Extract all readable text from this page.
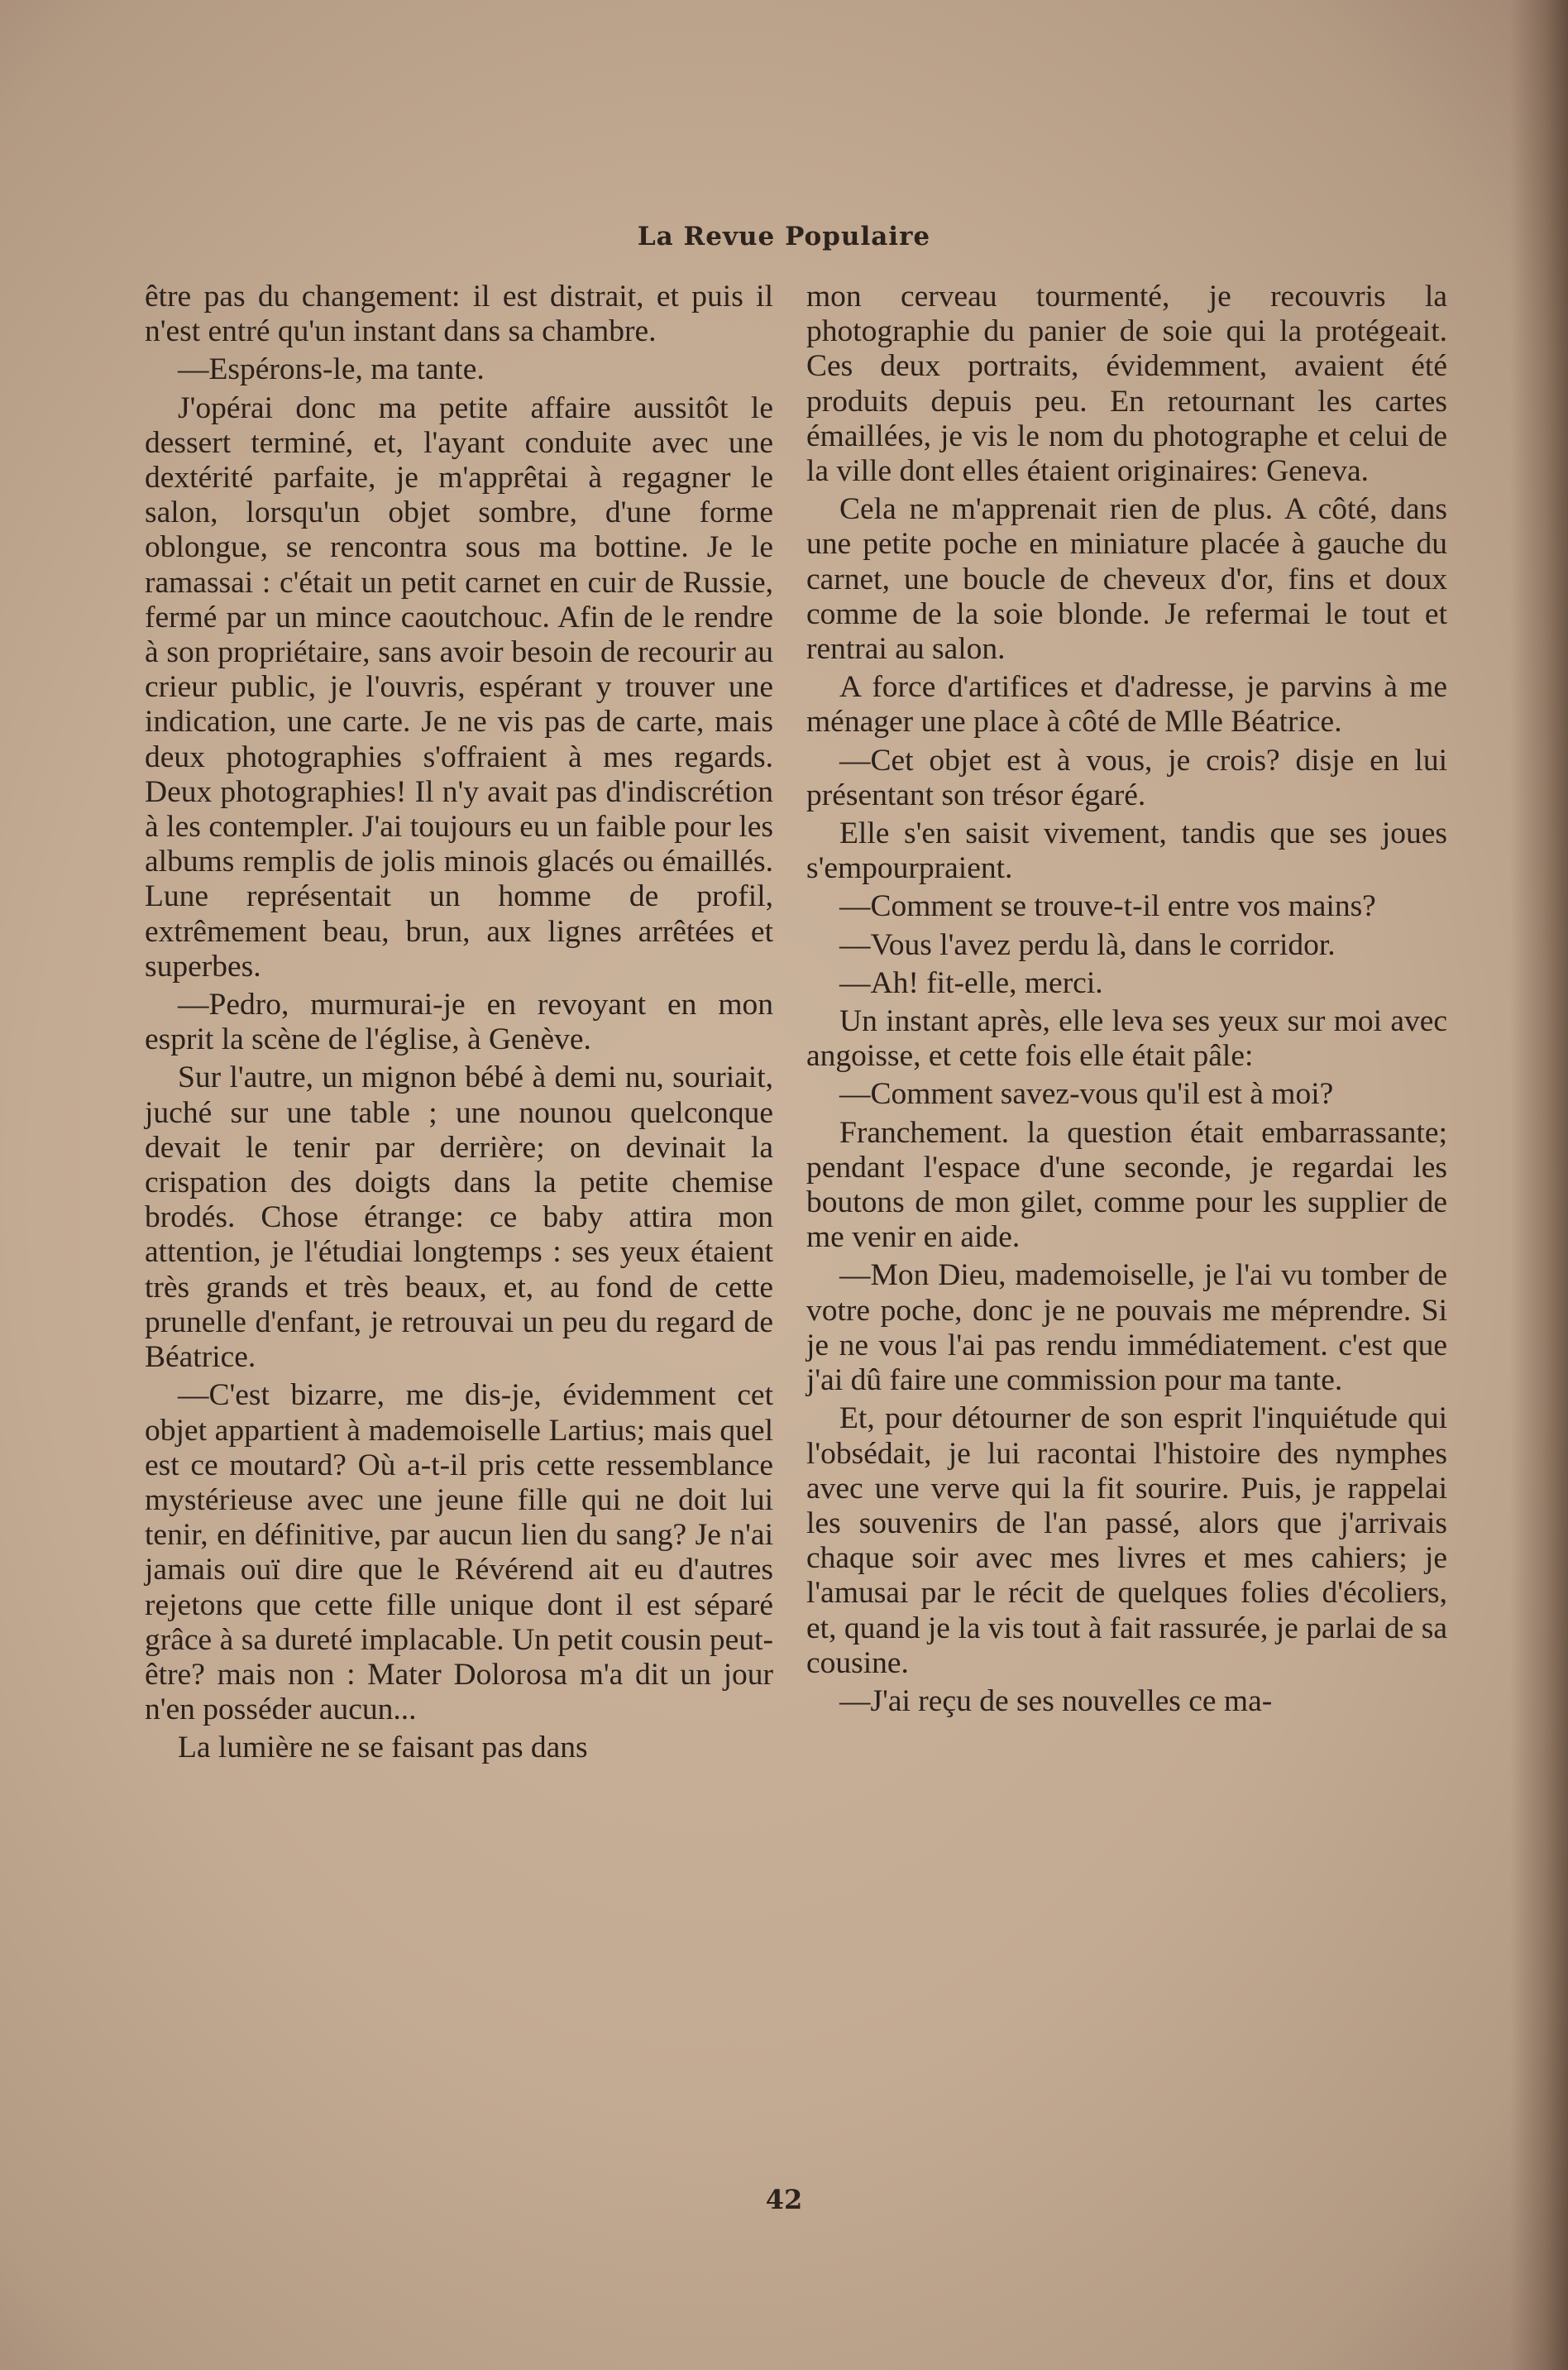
La Revue Populaire

être pas du changement: il est distrait, et puis il n'est entré qu'un instant dans sa chambre.

—Espérons-le, ma tante.

J'opérai donc ma petite affaire aussitôt le dessert terminé, et, l'ayant conduite avec une dextérité parfaite, je m'apprêtai à regagner le salon, lorsqu'un objet sombre, d'une forme oblongue, se rencontra sous ma bottine. Je le ramassai : c'était un petit carnet en cuir de Russie, fermé par un mince caoutchouc. Afin de le rendre à son propriétaire, sans avoir besoin de recourir au crieur public, je l'ouvris, espérant y trouver une indication, une carte. Je ne vis pas de carte, mais deux photographies s'offraient à mes regards. Deux photographies! Il n'y avait pas d'indiscrétion à les contempler. J'ai toujours eu un faible pour les albums remplis de jolis minois glacés ou émaillés. Lune représentait un homme de profil, extrêmement beau, brun, aux lignes arrêtées et superbes.

—Pedro, murmurai-je en revoyant en mon esprit la scène de l'église, à Genève.

Sur l'autre, un mignon bébé à demi nu, souriait, juché sur une table ; une nounou quelconque devait le tenir par derrière; on devinait la crispation des doigts dans la petite chemise brodés. Chose étrange: ce baby attira mon attention, je l'étudiai longtemps : ses yeux étaient très grands et très beaux, et, au fond de cette prunelle d'enfant, je retrouvai un peu du regard de Béatrice.

—C'est bizarre, me dis-je, évidemment cet objet appartient à mademoiselle Lartius; mais quel est ce moutard? Où a-t-il pris cette ressemblance mystérieuse avec une jeune fille qui ne doit lui tenir, en définitive, par aucun lien du sang? Je n'ai jamais ouï dire que le Révérend ait eu d'autres rejetons que cette fille unique dont il est séparé grâce à sa dureté implacable. Un petit cousin peut-être? mais non : Mater Dolorosa m'a dit un jour n'en posséder aucun...

La lumière ne se faisant pas dans

mon cerveau tourmenté, je recouvris la photographie du panier de soie qui la protégeait. Ces deux portraits, évidemment, avaient été produits depuis peu. En retournant les cartes émaillées, je vis le nom du photographe et celui de la ville dont elles étaient originaires: Geneva.

Cela ne m'apprenait rien de plus. A côté, dans une petite poche en miniature placée à gauche du carnet, une boucle de cheveux d'or, fins et doux comme de la soie blonde. Je refermai le tout et rentrai au salon.

A force d'artifices et d'adresse, je parvins à me ménager une place à côté de Mlle Béatrice.

—Cet objet est à vous, je crois? disje en lui présentant son trésor égaré.

Elle s'en saisit vivement, tandis que ses joues s'empourpraient.

—Comment se trouve-t-il entre vos mains?

—Vous l'avez perdu là, dans le corridor.

—Ah! fit-elle, merci.

Un instant après, elle leva ses yeux sur moi avec angoisse, et cette fois elle était pâle:

—Comment savez-vous qu'il est à moi?

Franchement. la question était embarrassante; pendant l'espace d'une seconde, je regardai les boutons de mon gilet, comme pour les supplier de me venir en aide.

—Mon Dieu, mademoiselle, je l'ai vu tomber de votre poche, donc je ne pouvais me méprendre. Si je ne vous l'ai pas rendu immédiatement. c'est que j'ai dû faire une commission pour ma tante.

Et, pour détourner de son esprit l'inquiétude qui l'obsédait, je lui racontai l'histoire des nymphes avec une verve qui la fit sourire. Puis, je rappelai les souvenirs de l'an passé, alors que j'arrivais chaque soir avec mes livres et mes cahiers; je l'amusai par le récit de quelques folies d'écoliers, et, quand je la vis tout à fait rassurée, je parlai de sa cousine.

—J'ai reçu de ses nouvelles ce ma-

42
